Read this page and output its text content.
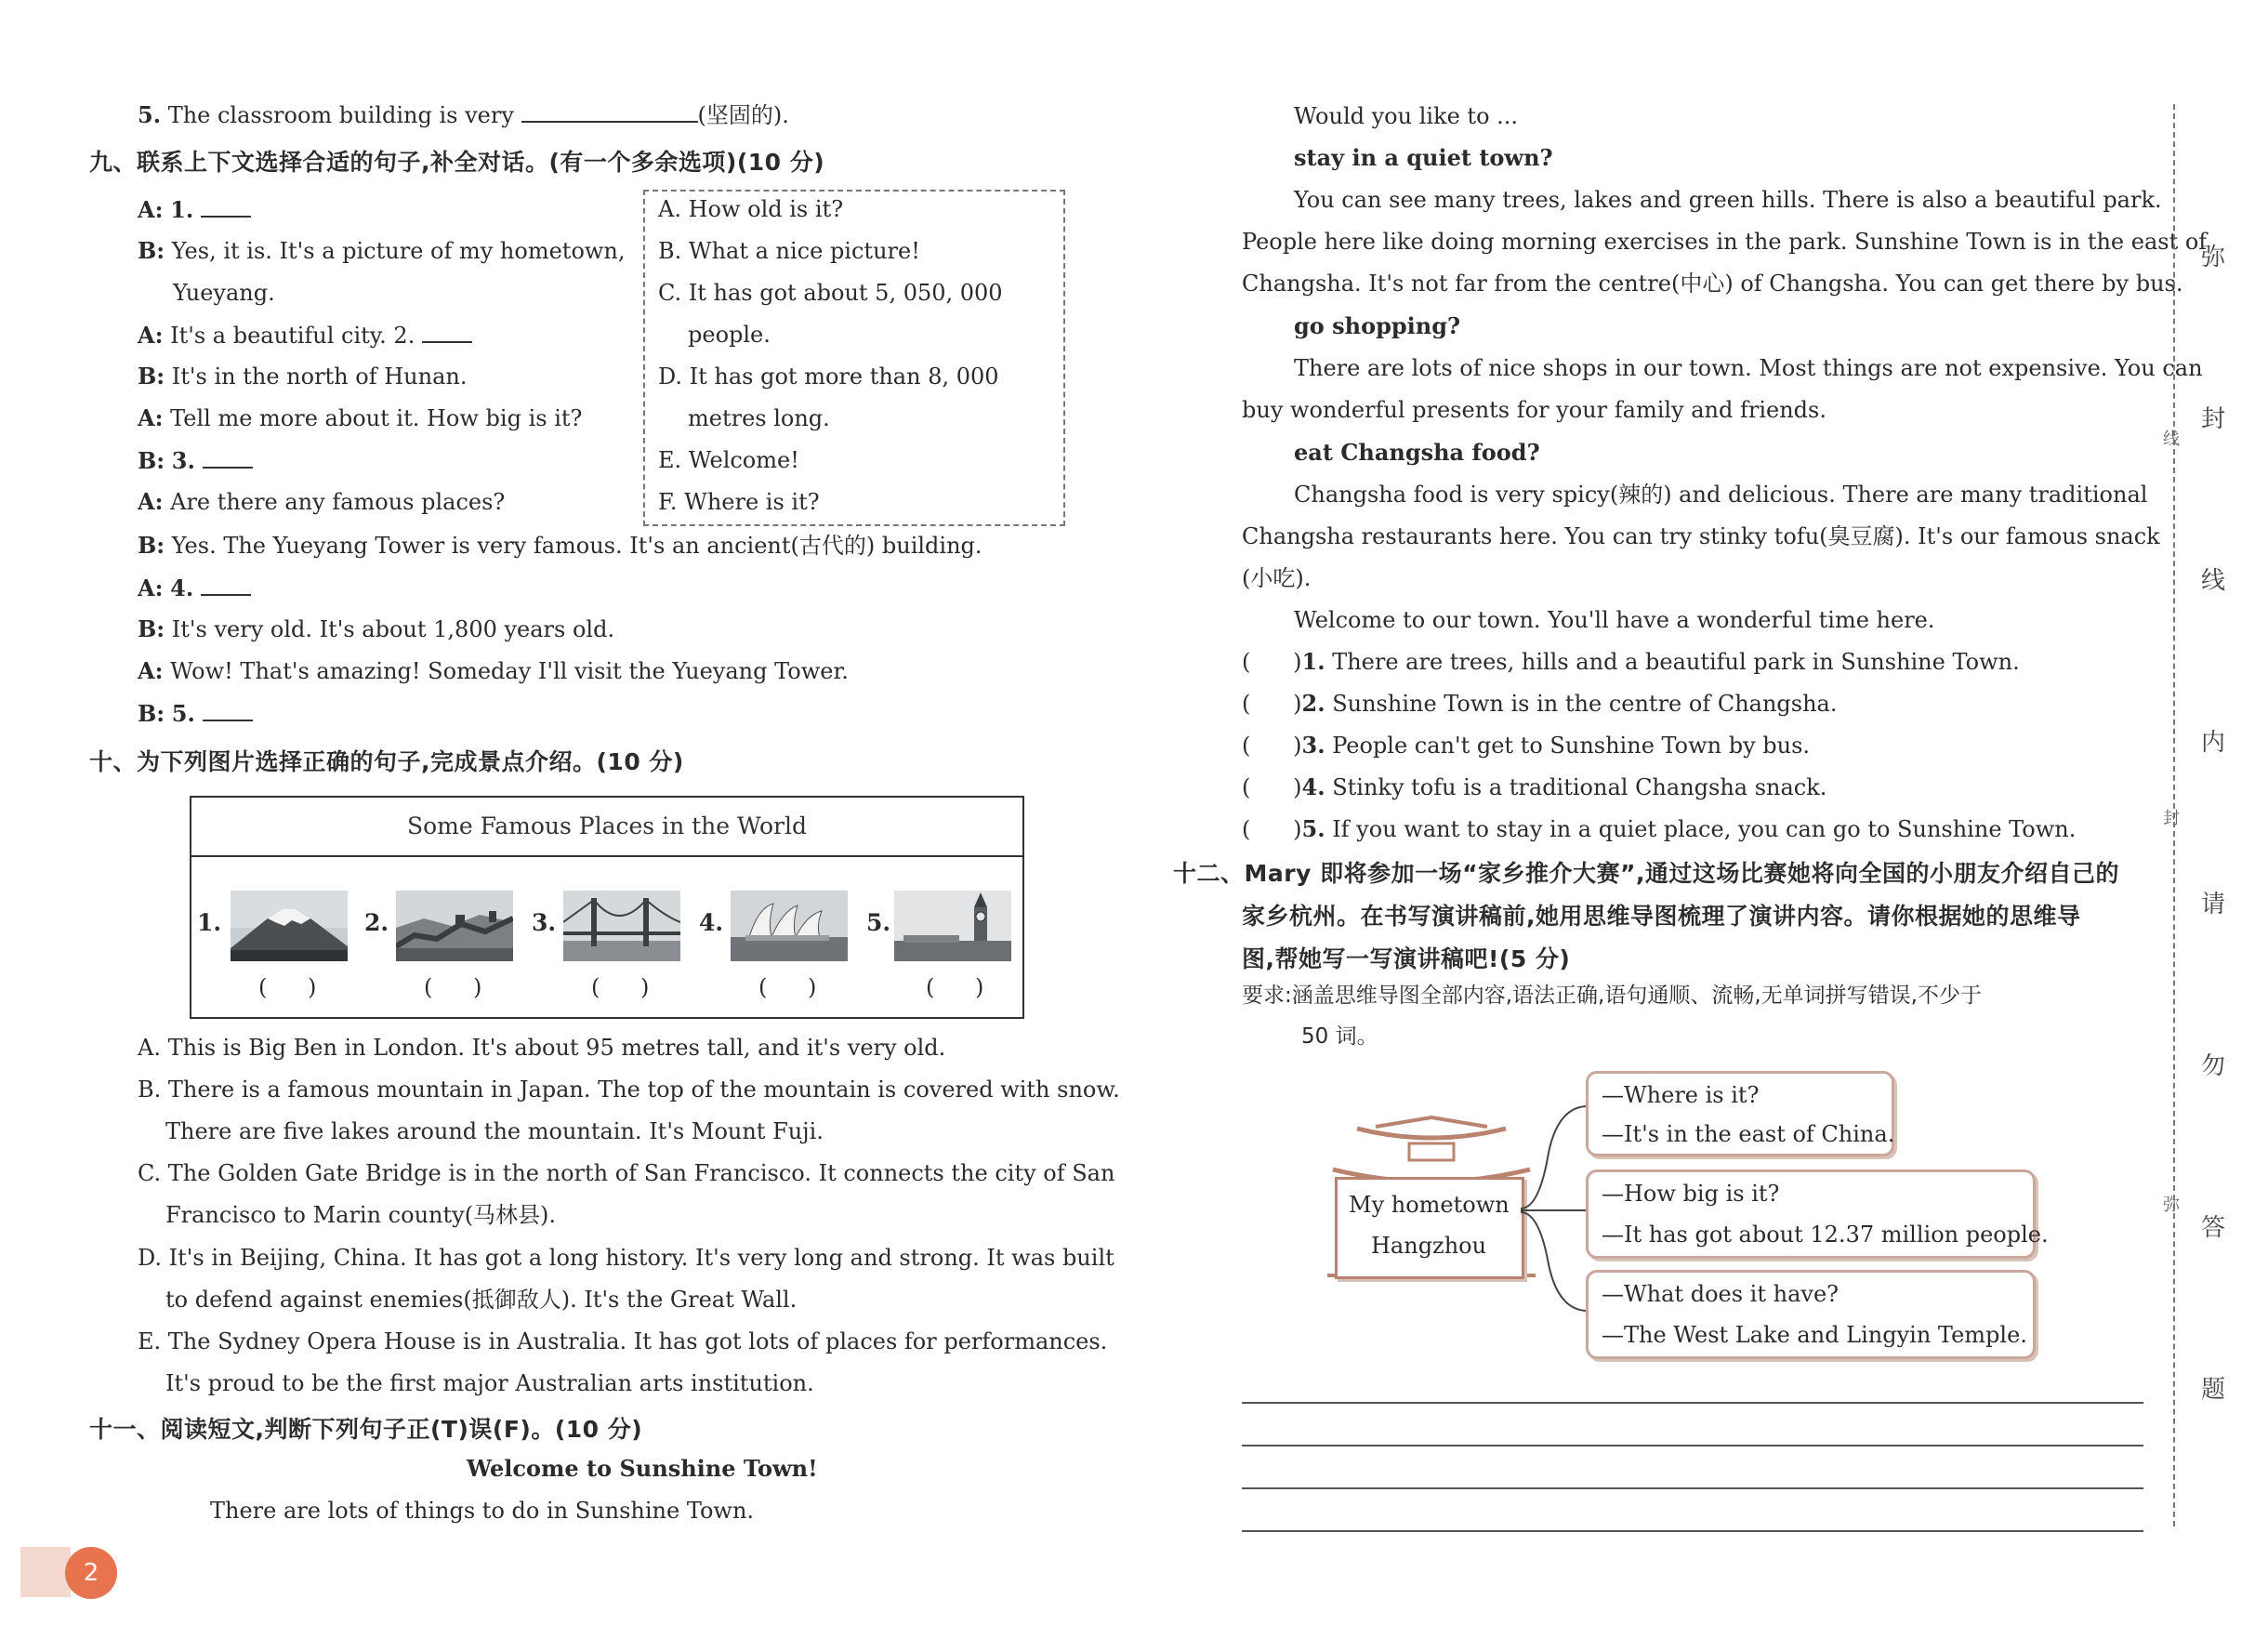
5. The classroom building is very	(坚固的).
九、联系上下文选择合适的句子,补全对话。(有一个多余选项)(10 分)
A: 1.
B: Yes, it is. It's a picture of my hometown,
Yueyang.
A: It's a beautiful city. 2.
B: It's in the north of Hunan.
A: Tell me more about it. How big is it?
B: 3.
A: Are there any famous places?
B: Yes. The Yueyang Tower is very famous. It's an ancient(古代的) building.
A: 4.
B: It's very old. It's about 1,800 years old.
A: Wow! That's amazing! Someday I'll visit the Yueyang Tower.
B: 5.
A. How old is it?
B. What a nice picture!
C. It has got about 5, 050, 000
people.
D. It has got more than 8, 000
metres long.
E. Welcome!
F. Where is it?
十、为下列图片选择正确的句子,完成景点介绍。(10 分)
Some Famous Places in the World
1.
( )
2.
( )
3.
( )
4.
( )
5.
( )
A. This is Big Ben in London. It's about 95 metres tall, and it's very old.
B. There is a famous mountain in Japan. The top of the mountain is covered with snow.
There are five lakes around the mountain. It's Mount Fuji.
C. The Golden Gate Bridge is in the north of San Francisco. It connects the city of San
Francisco to Marin county(马林县).
D. It's in Beijing, China. It has got a long history. It's very long and strong. It was built
to defend against enemies(抵御敌人). It's the Great Wall.
E. The Sydney Opera House is in Australia. It has got lots of places for performances.
It's proud to be the first major Australian arts institution.
十一、阅读短文,判断下列句子正(T)误(F)。(10 分)
Welcome to Sunshine Town!
There are lots of things to do in Sunshine Town.
2
Would you like to ...
stay in a quiet town?
You can see many trees, lakes and green hills. There is also a beautiful park.
People here like doing morning exercises in the park. Sunshine Town is in the east of
Changsha. It's not far from the centre(中心) of Changsha. You can get there by bus.
go shopping?
There are lots of nice shops in our town. Most things are not expensive. You can
buy wonderful presents for your family and friends.
eat Changsha food?
Changsha food is very spicy(辣的) and delicious. There are many traditional
Changsha restaurants here. You can try stinky tofu(臭豆腐). It's our famous snack
(小吃).
Welcome to our town. You'll have a wonderful time here.
(      )1. There are trees, hills and a beautiful park in Sunshine Town.
(      )2. Sunshine Town is in the centre of Changsha.
(      )3. People can't get to Sunshine Town by bus.
(      )4. Stinky tofu is a traditional Changsha snack.
(      )5. If you want to stay in a quiet place, you can go to Sunshine Town.
十二、Mary 即将参加一场“家乡推介大赛”,通过这场比赛她将向全国的小朋友介绍自己的
家乡杭州。在书写演讲稿前,她用思维导图梳理了演讲内容。请你根据她的思维导
图,帮她写一写演讲稿吧!(5 分)
要求:涵盖思维导图全部内容,语法正确,语句通顺、流畅,无单词拼写错误,不少于
50 词。
My hometown
Hangzhou
—Where is it?
—It's in the east of China.
—How big is it?
—It has got about 12.37 million people.
—What does it have?
—The West Lake and Lingyin Temple.
弥
封
线
内
请
勿
答
题
线
封
弥
